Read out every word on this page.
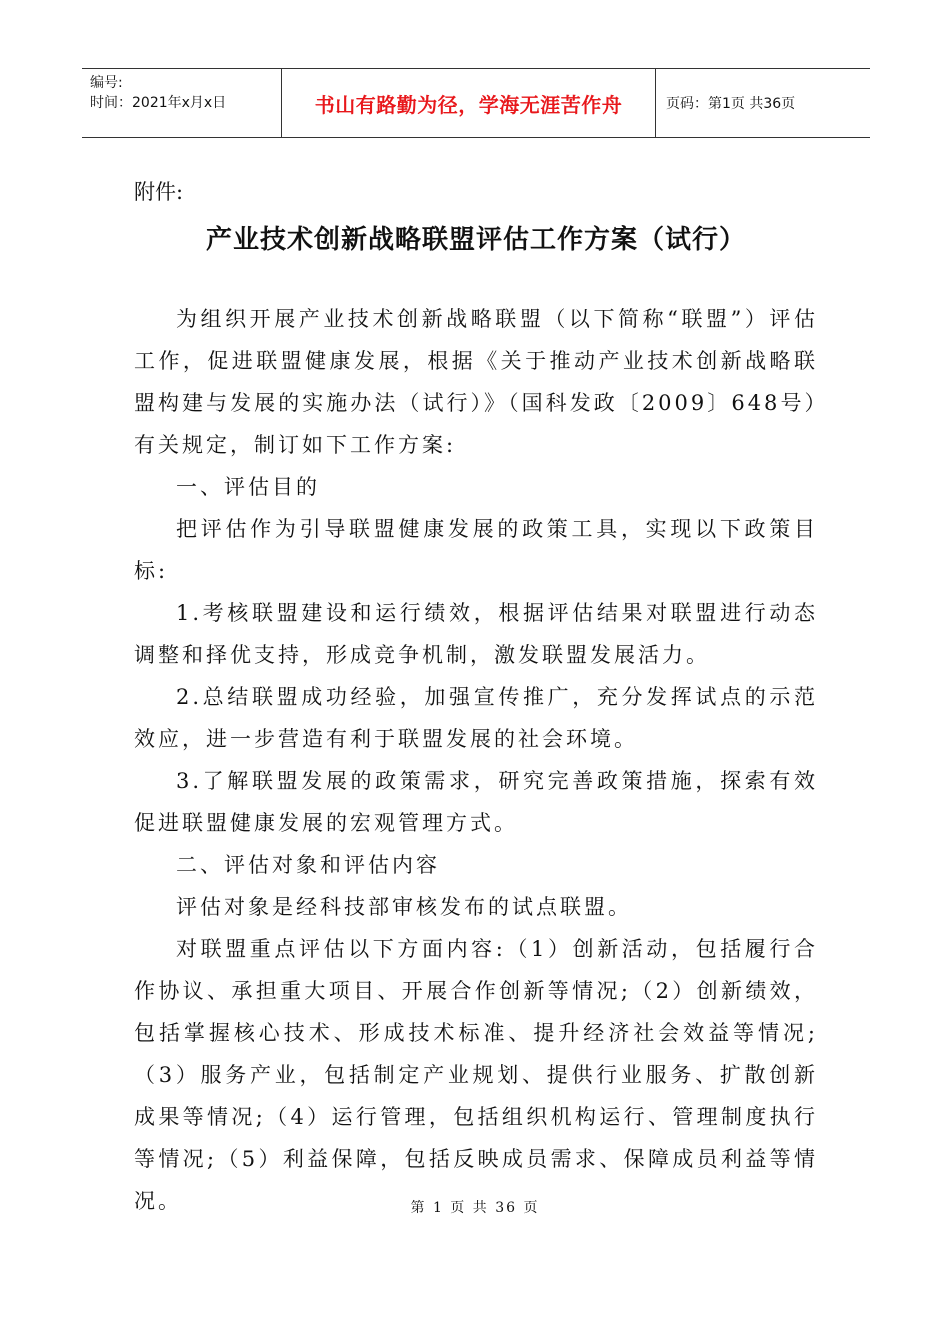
编号:
时间：2021年x月x日	书山有路勤为径，学海无涯苦作舟	页码：第1页 共36页

附件:

产业技术创新战略联盟评估工作方案（试行）

为组织开展产业技术创新战略联盟（以下简称“联盟”）评估工作，促进联盟健康发展，根据《关于推动产业技术创新战略联盟构建与发展的实施办法（试行）》（国科发政〔2009〕648号）有关规定，制订如下工作方案:

一、评估目的

把评估作为引导联盟健康发展的政策工具，实现以下政策目标:

1.考核联盟建设和运行绩效，根据评估结果对联盟进行动态调整和择优支持，形成竞争机制，激发联盟发展活力。

2.总结联盟成功经验，加强宣传推广，充分发挥试点的示范效应，进一步营造有利于联盟发展的社会环境。

3.了解联盟发展的政策需求，研究完善政策措施，探索有效促进联盟健康发展的宏观管理方式。

二、评估对象和评估内容

评估对象是经科技部审核发布的试点联盟。

对联盟重点评估以下方面内容:（1）创新活动，包括履行合作协议、承担重大项目、开展合作创新等情况;（2）创新绩效，包括掌握核心技术、形成技术标准、提升经济社会效益等情况;（3）服务产业，包括制定产业规划、提供行业服务、扩散创新成果等情况;（4）运行管理，包括组织机构运行、管理制度执行等情况;（5）利益保障，包括反映成员需求、保障成员利益等情况。	第 1 页 共 36 页
